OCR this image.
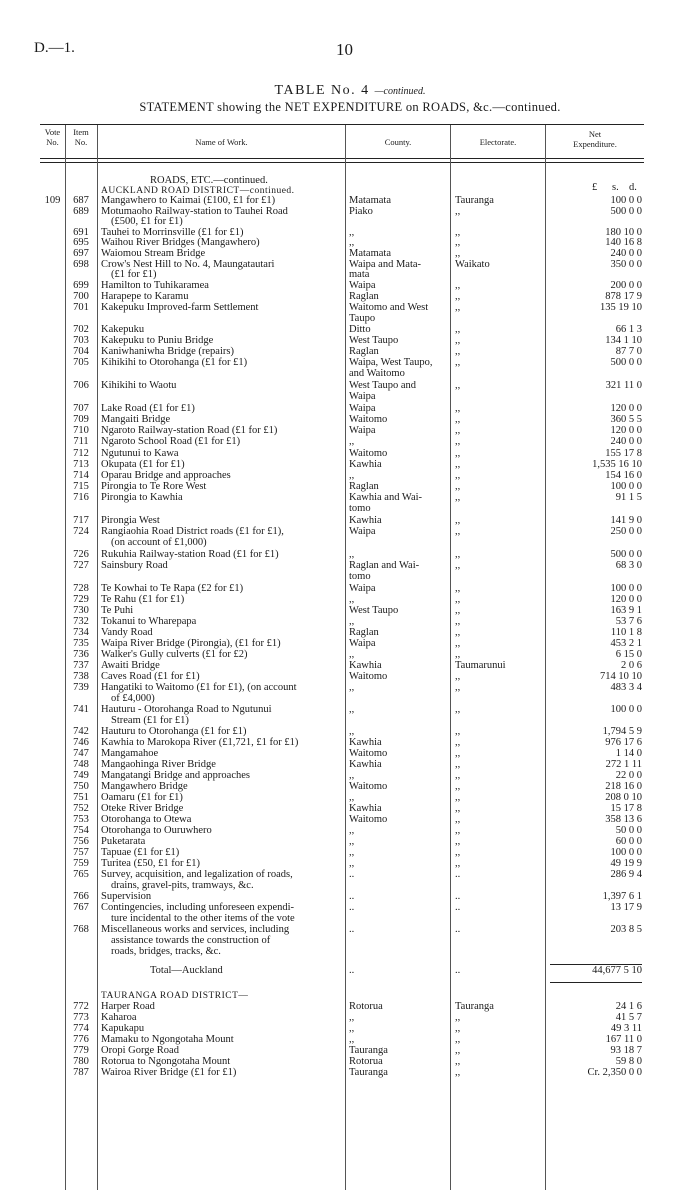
D.—1.	10
TABLE No. 4 —continued.
STATEMENT showing the NET EXPENDITURE on ROADS, &c.—continued.
Vote No.
Item No.	Name of Work.	County.	Electorate.
Net
Expenditure.
£ s. d.
ROADS, ETC.—continued.
AUCKLAND ROAD DISTRICT—continued.
109	687	Mangawhero to Kaimai (£100, £1 for £1)	Matamata	Tauranga	100 0 0
689	Motumaoho Railway-station to Tauhei Road	Piako	,,	500 0 0
(£500, £1 for £1)
691	Tauhei to Morrinsville (£1 for £1)	,,	,,	180 10 0
695	Waihou River Bridges (Mangawhero)	,,	,,	140 16 8
697	Waiomou Stream Bridge	Matamata	,,	240 0 0
698	Crow's Nest Hill to No. 4, Maungatautari	Waipa and Mata-	Waikato	350 0 0
(£1 for £1)	mata
699	Hamilton to Tuhikaramea	Waipa	,,	200 0 0
700	Harapepe to Karamu	Raglan	,,	878 17 9
701	Kakepuku Improved-farm Settlement	Waitomo and West	,,	135 19 10
Taupo
702	Kakepuku	Ditto	,,	66 1 3
703	Kakepuku to Puniu Bridge	West Taupo	,,	134 1 10
704	Kaniwhaniwha Bridge (repairs)	Raglan	,,	87 7 0
705	Kihikihi to Otorohanga (£1 for £1)	Waipa, West Taupo,	,,	500 0 0
and Waitomo
706	Kihikihi to Waotu	West Taupo and	,,	321 11 0
Waipa
707	Lake Road (£1 for £1)	Waipa	,,	120 0 0
709	Mangaiti Bridge	Waitomo	,,	360 5 5
710	Ngaroto Railway-station Road (£1 for £1)	Waipa	,,	120 0 0
711	Ngaroto School Road (£1 for £1)	,,	,,	240 0 0
712	Ngutunui to Kawa	Waitomo	,,	155 17 8
713	Okupata (£1 for £1)	Kawhia	,,	1,535 16 10
714	Oparau Bridge and approaches	,,	,,	154 16 0
715	Pirongia to Te Rore West	Raglan	,,	100 0 0
716	Pirongia to Kawhia	Kawhia and Wai-	,,	91 1 5
tomo
717	Pirongia West	Kawhia	,,	141 9 0
724	Rangiaohia Road District roads (£1 for £1),	Waipa	,,	250 0 0
(on account of £1,000)
726	Rukuhia Railway-station Road (£1 for £1)	,,	,,	500 0 0
727	Sainsbury Road	Raglan and Wai-	,,	68 3 0
tomo
728	Te Kowhai to Te Rapa (£2 for £1)	Waipa	,,	100 0 0
729	Te Rahu (£1 for £1)	,,	,,	120 0 0
730	Te Puhi	West Taupo	,,	163 9 1
732	Tokanui to Wharepapa	,,	,,	53 7 6
734	Vandy Road	Raglan	,,	110 1 8
735	Waipa River Bridge (Pirongia), (£1 for £1)	Waipa	,,	453 2 1
736	Walker's Gully culverts (£1 for £2)	,,	,,	6 15 0
737	Awaiti Bridge	Kawhia	Taumarunui	2 0 6
738	Caves Road (£1 for £1)	Waitomo	,,	714 10 10
739	Hangatiki to Waitomo (£1 for £1), (on account	,,	,,	483 3 4
of £4,000)
741	Hauturu - Otorohanga Road to Ngutunui	,,	,,	100 0 0
Stream (£1 for £1)
742	Hauturu to Otorohanga (£1 for £1)	,,	,,	1,794 5 9
746	Kawhia to Marokopa River (£1,721, £1 for £1)	Kawhia	,,	976 17 6
747	Mangamahoe	Waitomo	,,	1 14 0
748	Mangaohinga River Bridge	Kawhia	,,	272 1 11
749	Mangatangi Bridge and approaches	,,	,,	22 0 0
750	Mangawhero Bridge	Waitomo	,,	218 16 0
751	Oamaru (£1 for £1)	,,	,,	208 0 10
752	Oteke River Bridge	Kawhia	,,	15 17 8
753	Otorohanga to Otewa	Waitomo	,,	358 13 6
754	Otorohanga to Ouruwhero	,,	,,	50 0 0
756	Puketarata	,,	,,	60 0 0
757	Tapuae (£1 for £1)	,,	,,	100 0 0
759	Turitea (£50, £1 for £1)	,,	,,	49 19 9
765	Survey, acquisition, and legalization of roads,	..	..	286 9 4
drains, gravel-pits, tramways, &c.
766	Supervision	..	..	1,397 6 1
767	Contingencies, including unforeseen expendi-	..	..	13 17 9
ture incidental to the other items of the vote
768	Miscellaneous works and services, including	..	..	203 8 5
assistance towards the construction of
roads, bridges, tracks, &c.
Total—Auckland	..	..	44,677 5 10
TAURANGA ROAD DISTRICT—
772	Harper Road	Rotorua	Tauranga	24 1 6
773	Kaharoa	,,	,,	41 5 7
774	Kapukapu	,,	,,	49 3 11
776	Mamaku to Ngongotaha Mount	,,	,,	167 11 0
779	Oropi Gorge Road	Tauranga	,,	93 18 7
780	Rotorua to Ngongotaha Mount	Rotorua	,,	59 8 0
787	Wairoa River Bridge (£1 for £1)	Tauranga	,,	Cr. 2,350 0 0
